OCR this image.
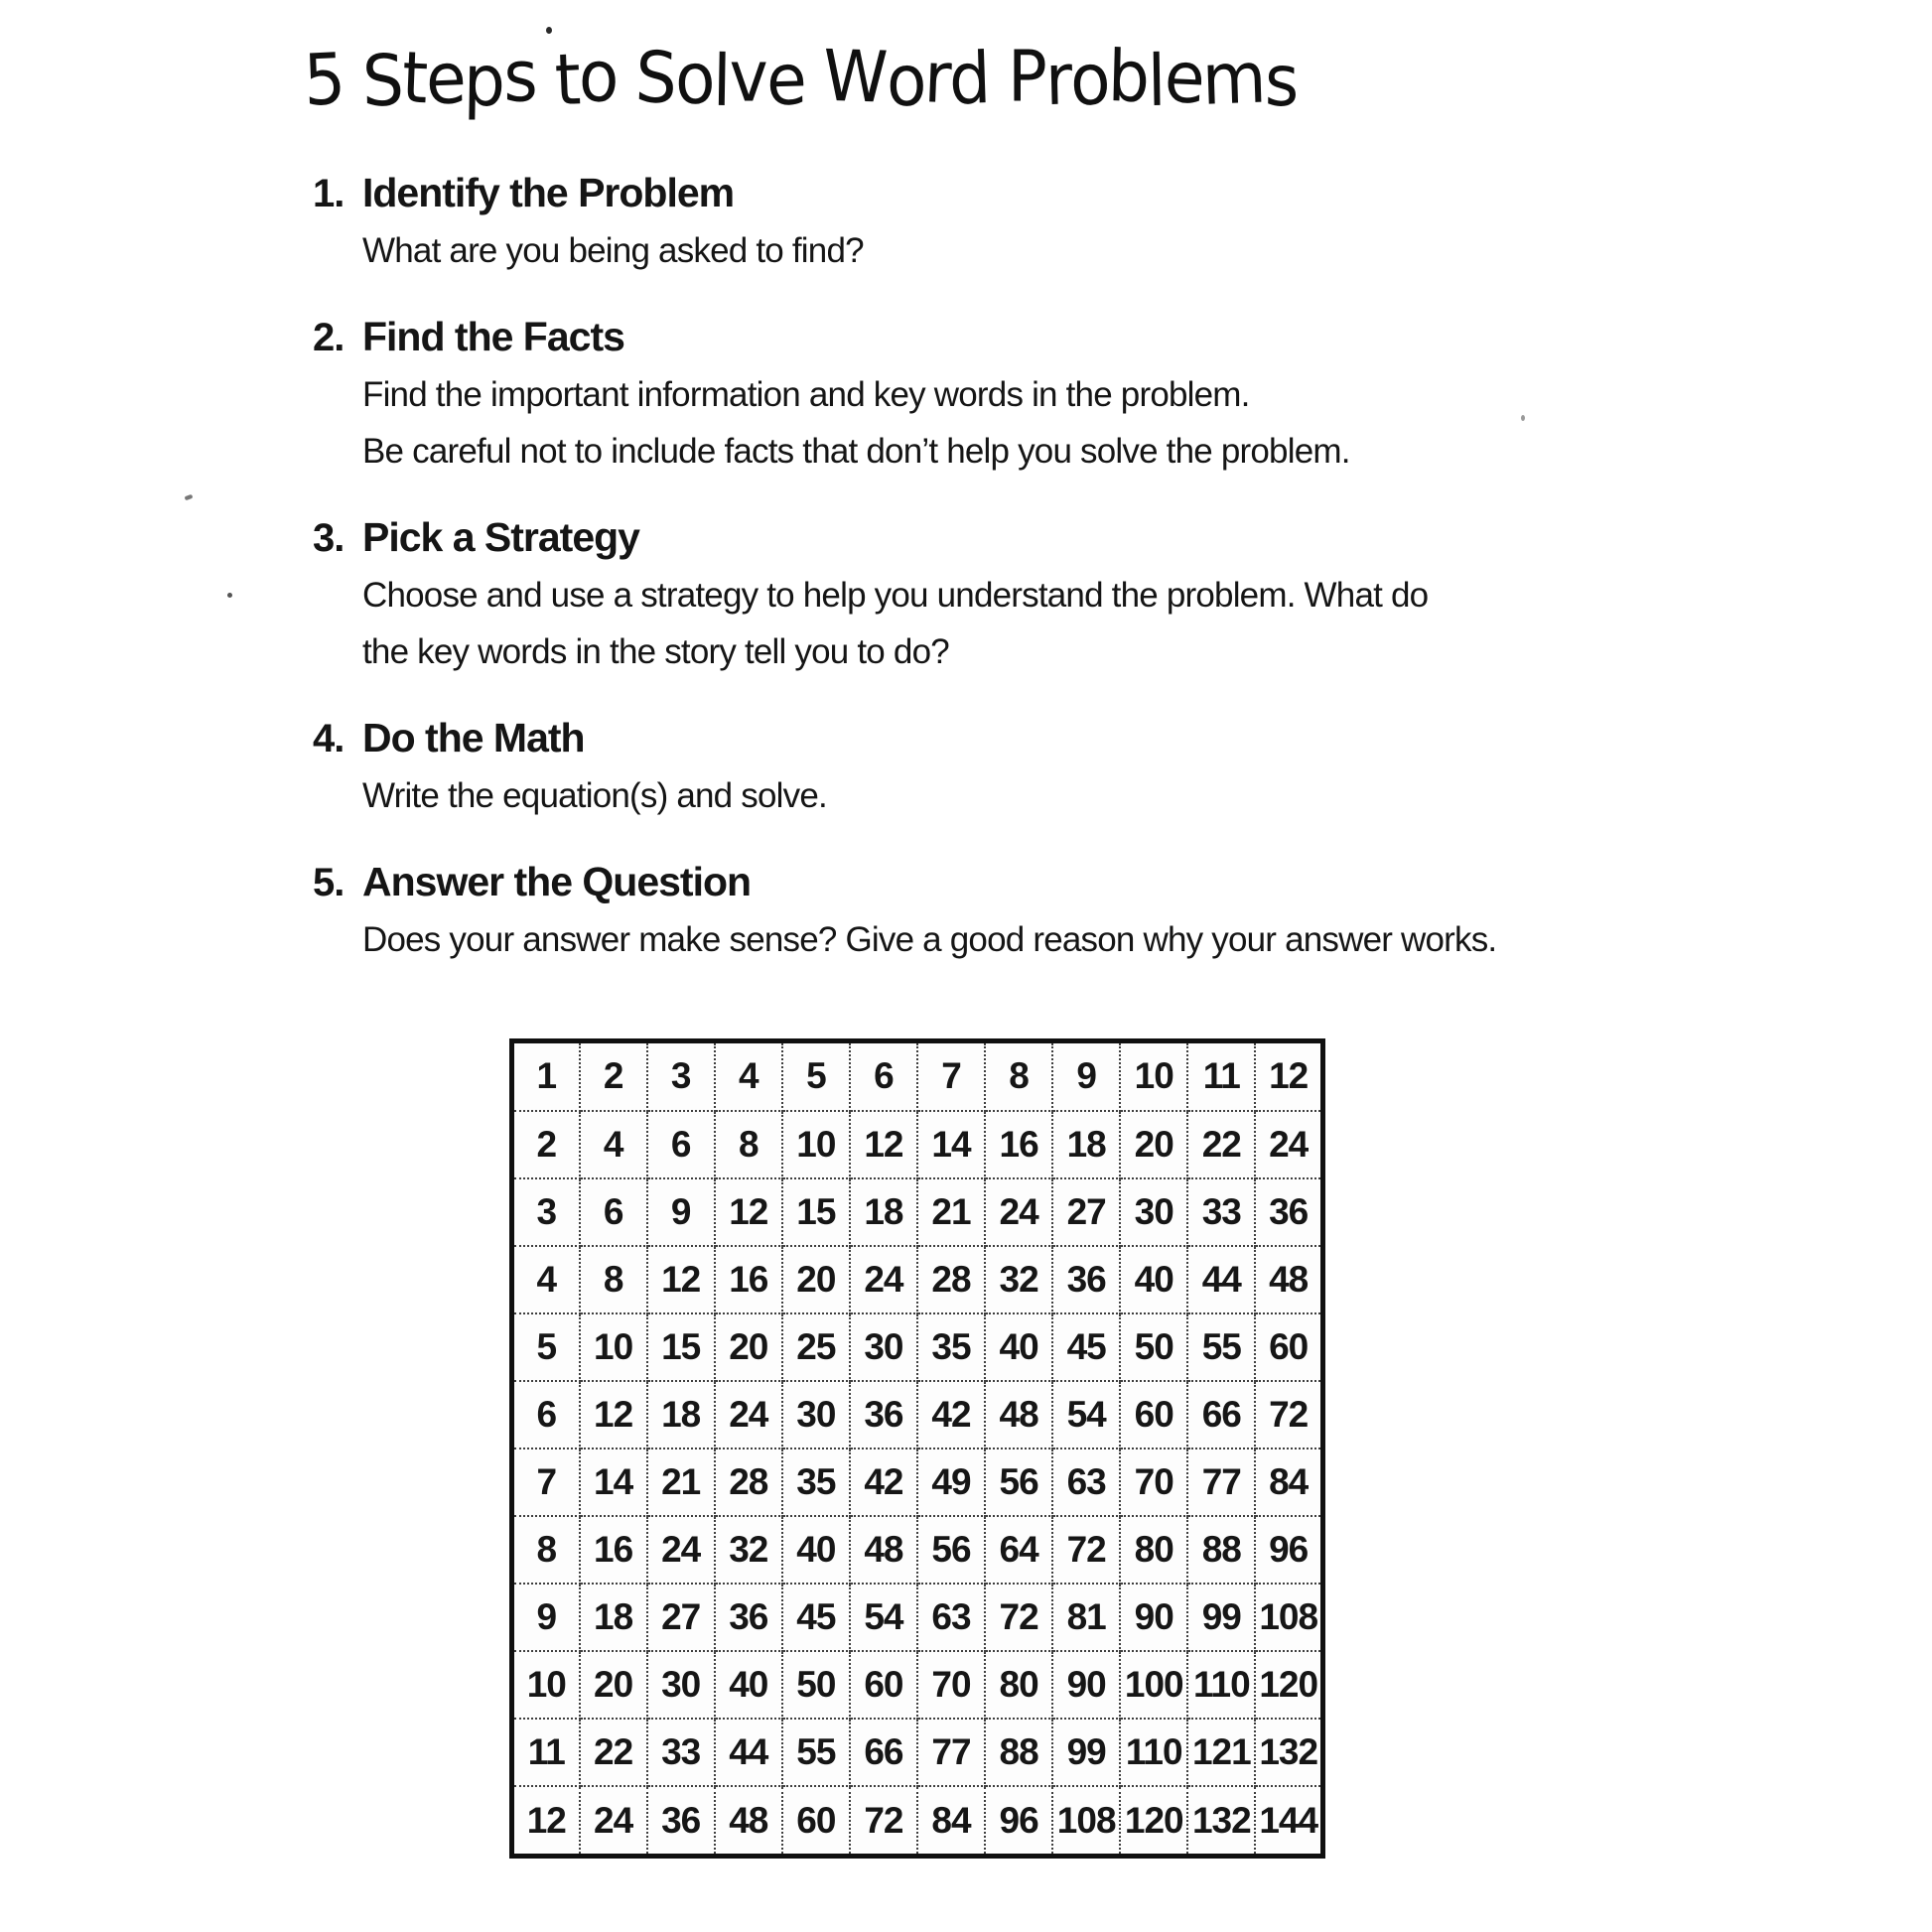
5 Steps to Solve Word Problems
1. Identify the Problem
What are you being asked to find?
2. Find the Facts
Find the important information and key words in the problem.
Be careful not to include facts that don’t help you solve the problem.
3. Pick a Strategy
Choose and use a strategy to help you understand the problem. What do
the key words in the story tell you to do?
4. Do the Math
Write the equation(s) and solve.
5. Answer the Question
Does your answer make sense? Give a good reason why your answer works.
1	2	3	4	5	6	7	8	9	10	11	12
2	4	6	8	10	12	14	16	18	20	22	24
3	6	9	12	15	18	21	24	27	30	33	36
4	8	12	16	20	24	28	32	36	40	44	48
5	10	15	20	25	30	35	40	45	50	55	60
6	12	18	24	30	36	42	48	54	60	66	72
7	14	21	28	35	42	49	56	63	70	77	84
8	16	24	32	40	48	56	64	72	80	88	96
9	18	27	36	45	54	63	72	81	90	99	108
10	20	30	40	50	60	70	80	90	100	110	120
11	22	33	44	55	66	77	88	99	110	121	132
12	24	36	48	60	72	84	96	108	120	132	144
